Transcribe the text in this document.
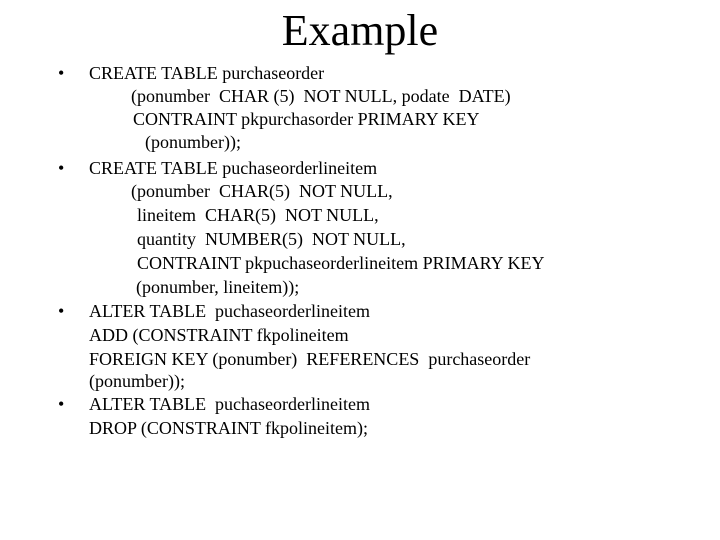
Example
• CREATE TABLE purchaseorder
(ponumber  CHAR (5)  NOT NULL, podate  DATE)
CONTRAINT pkpurchasorder PRIMARY KEY
(ponumber));
• CREATE TABLE puchaseorderlineitem
(ponumber  CHAR(5)  NOT NULL,
lineitem  CHAR(5)  NOT NULL,
quantity  NUMBER(5)  NOT NULL,
CONTRAINT pkpuchaseorderlineitem PRIMARY KEY
(ponumber, lineitem));
• ALTER TABLE  puchaseorderlineitem
ADD (CONSTRAINT fkpolineitem
FOREIGN KEY (ponumber)  REFERENCES  purchaseorder
(ponumber));
• ALTER TABLE  puchaseorderlineitem
DROP (CONSTRAINT fkpolineitem);
